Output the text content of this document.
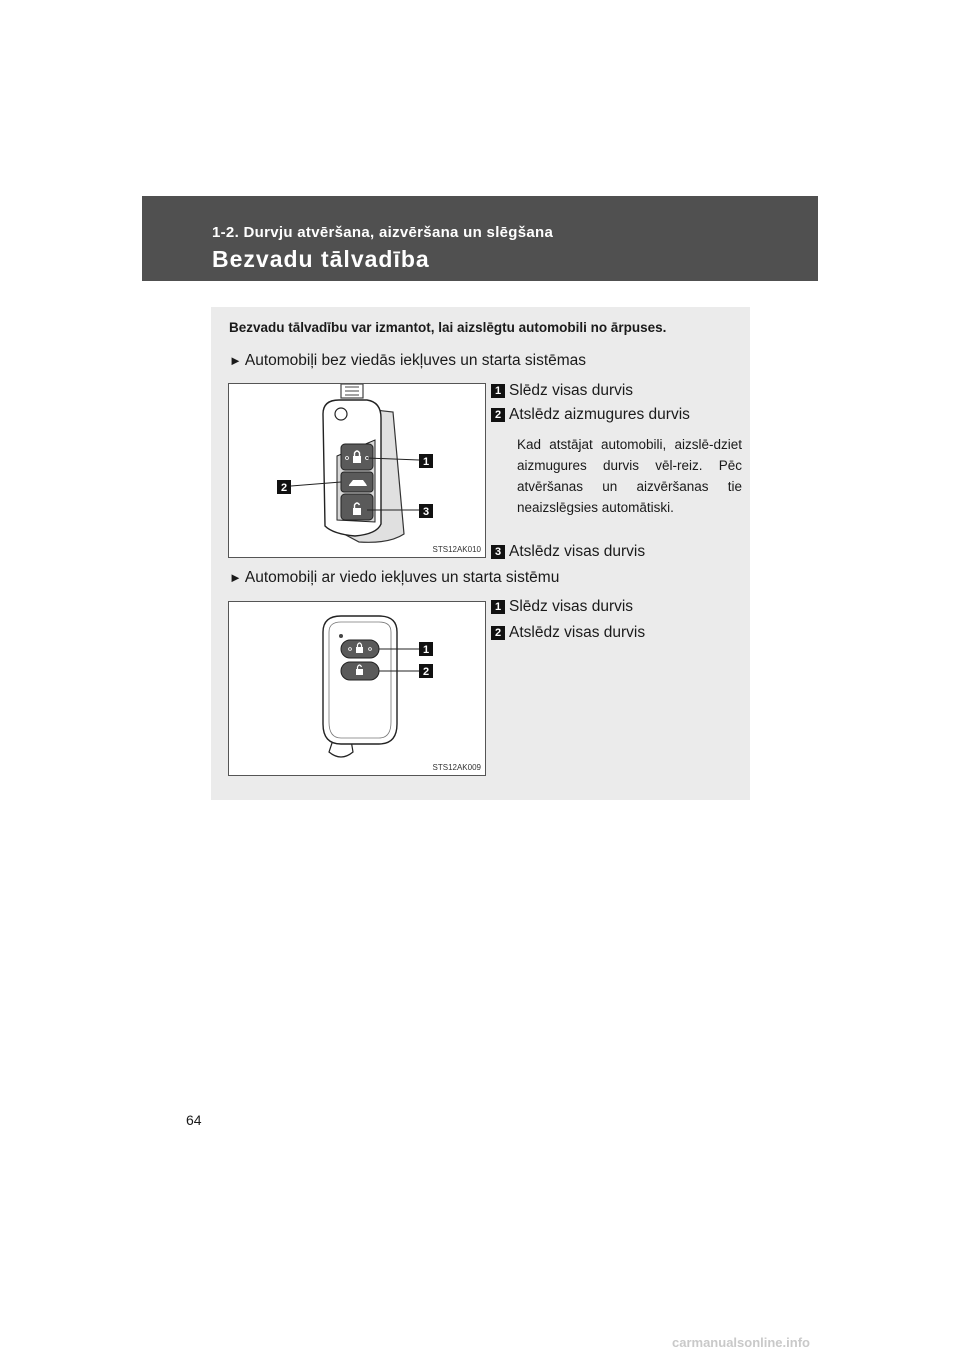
1-2. Durvju atvēršana, aizvēršana un slēgšana
Bezvadu tālvadība
Bezvadu tālvadību var izmantot, lai aizslēgtu automobili no ārpuses.
► Automobiļi bez viedās iekļuves un starta sistēmas
1
2
3
STS12AK010
1 Slēdz visas durvis
2 Atslēdz aizmugures durvis
Kad atstājat automobili, aizslē-dziet aizmugures durvis vēl-reiz. Pēc atvēršanas un aizvēršanas tie neaizslēgsies automātiski.
3 Atslēdz visas durvis
► Automobiļi ar viedo iekļuves un starta sistēmu
1
2
STS12AK009
1 Slēdz visas durvis
2 Atslēdz visas durvis
64
carmanualsonline.info
